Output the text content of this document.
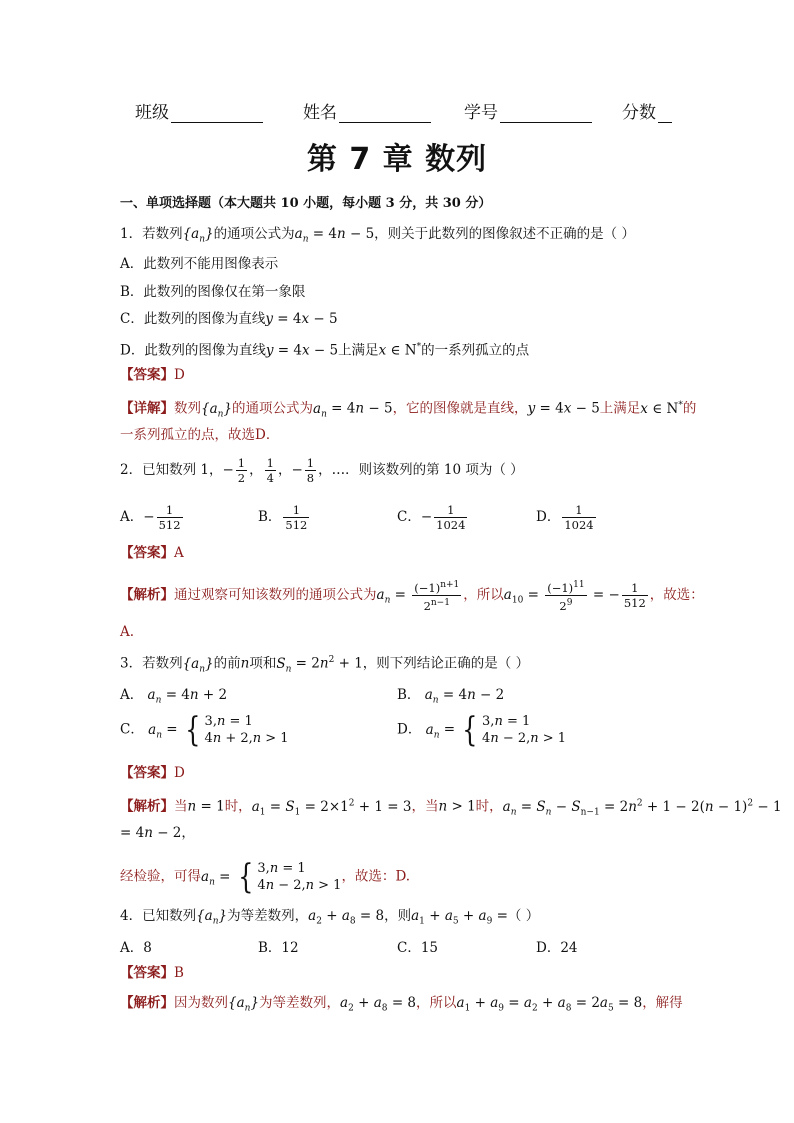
班级	姓名	学号	分数
第 7 章 数列
一、单项选择题（本大题共 10 小题，每小题 3 分，共 30 分）
1．若数列$\{a_n\}$的通项公式为$a_n = 4n - 5$，则关于此数列的图像叙述不正确的是（ ）
A．此数列不能用图像表示
B．此数列的图像仅在第一象限
C．此数列的图像为直线y = 4x − 5
D．此数列的图像为直线y = 4x − 5上满足x ∈ N*的一系列孤立的点
【答案】D
【详解】数列$\{a_n\}$的通项公式为$a_n = 4n - 5$，它的图像就是直线，y = 4x − 5上满足x ∈ N*的
一系列孤立的点，故选D．
2．已知数列 1，− $\frac{1}{2}$ ， $\frac{1}{4}$ ，− $\frac{1}{8}$ ，…．则该数列的第 10 项为（ ）
A．− $\frac{1}{512}$	B． $\frac{1}{512}$	C．− $\frac{1}{1024}$	D． $\frac{1}{1024}$
【答案】A
【解析】通过观察可知该数列的通项公式为$a_n = \frac{(-1)^{n+1}}{2^{n-1}}$ ，所以$a_{10} = \frac{(-1)^{11}}{2^9}$ = − $\frac{1}{512}$ ，故选：
A.
3．若数列$\{a_n\}$的前n项和$S_n = 2n^2 + 1$，则下列结论正确的是（ ）
A． $a_n = 4n + 2$	B． $a_n = 4n - 2$
C． $a_n$ = { 3,n = 1
4n + 2,n > 1
D． $a_n$ = { 3,n = 1
4n − 2,n > 1
【答案】D
【解析】当n = 1时，$a_1 = S_1 = 2\times 1^2 + 1 = 3$，当n > 1时，$a_n = S_n - S_{n-1} = 2n^2 + 1 - 2(n - 1)^2 - 1$
= 4n − 2，
经检验，可得$a_n$ = { 3,n = 1
4n − 2,n > 1
，故选：D.
4．已知数列$\{a_n\}$为等差数列，$a_2 + a_8 = 8$，则$a_1 + a_5 + a_9$ =（ ）
A．8	B．12	C．15	D．24
【答案】B
【解析】因为数列$\{a_n\}$为等差数列，$a_2 + a_8 = 8$，所以$a_1 + a_9 = a_2 + a_8 = 2a_5 = 8$，解得
